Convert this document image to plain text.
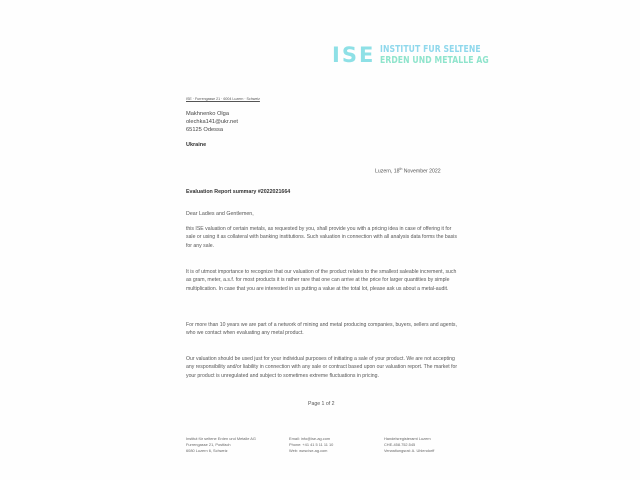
ISE INSTITUT FÜR SELTENE
ERDEN UND METALLE AG
ISE · Furrengasse 21 · 6004 Luzern · Schweiz
Makhnenko Olga
olechka141@ukr.net
65125 Odessa
Ukraine
Luzern, 18th November 2022
Evaluation Report summary #2022021664
Dear Ladies and Gentlemen,
this ISE valuation of certain metals, as requested by you, shall provide you with a pricing idea in case of offering it for sale or using it as collateral with banking institutions. Such valuation in connection with all analysis data forms the basis for any sale.
It is of utmost importance to recognize that our valuation of the product relates to the smallest saleable increment, such as gram, meter, a.s.f. for most products it is rather rare that one can arrive at the price for larger quantities by simple multiplication. In case that you are interested in us putting a value at the total lot, please ask us about a metal-audit.
For more than 10 years we are part of a network of mining and metal producing companies, buyers, sellers and agents, who we contact when evaluating any metal product.
Our valuation should be used just for your individual purposes of initiating a sale of your product. We are not accepting any responsibility and/or liability in connection with any sale or contract based upon our valuation report. The market for your product is unregulated and subject to sometimes extreme fluctuations in pricing.
Page 1 of 2
Institut für seltene Erden und Metalle AG
Furrengasse 21, Postfach
6080 Luzern 6, Schweiz
Email: info@ise-ag.com
Phone: +41 41 5 11 11 10
Web: www.ise-ag.com
Handelsregisteramt Luzern
CHE-458.752.545
Verwaltungsrat: A. Uhlendorff
